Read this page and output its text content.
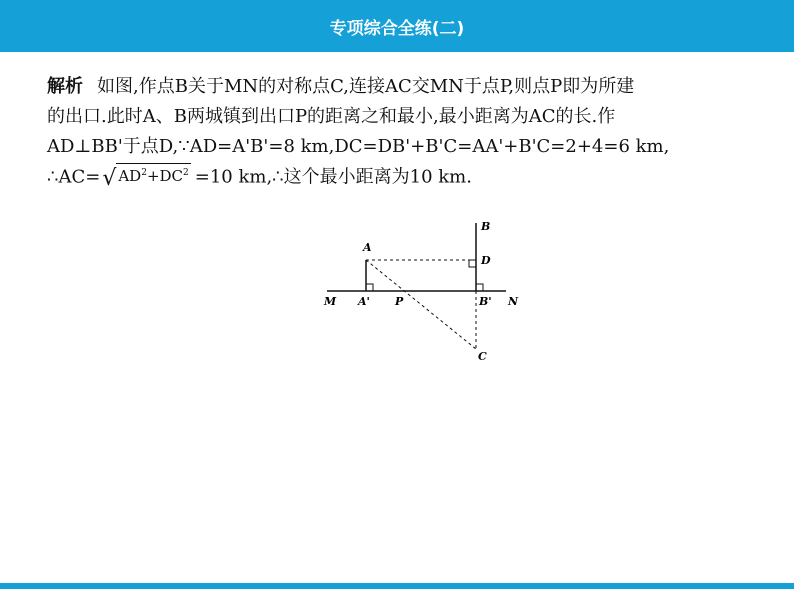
专项综合全练(二)
解析 如图,作点B关于MN的对称点C,连接AC交MN于点P,则点P即为所建
的出口.此时A、B两城镇到出口P的距离之和最小,最小距离为AC的长.作
AD⊥BB'于点D,∵AD=A'B'=8 km,DC=DB'+B'C=AA'+B'C=2+4=6 km,
∴AC=√ $AD^2+DC^2 =10$ km,∴这个最小距离为10 km.
A
B
D
M A' P	B' N
C
